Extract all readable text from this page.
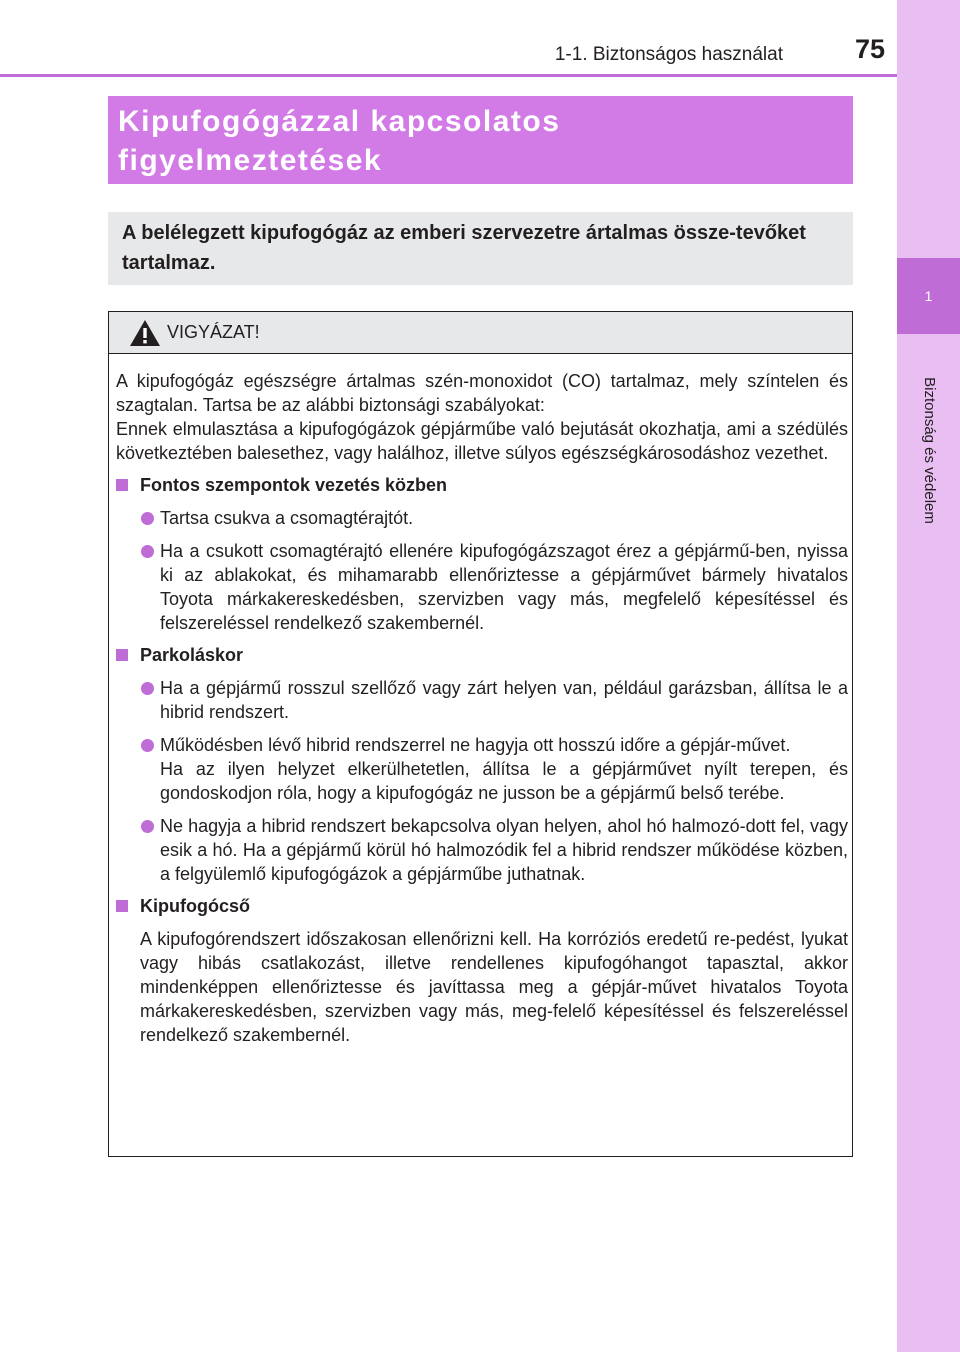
1
Biztonság és védelem
1-1. Biztonságos használat	75
Kipufogógázzal kapcsolatos
figyelmeztetések

A belélegzett kipufogógáz az emberi szervezetre ártalmas össze-tevőket tartalmaz.

VIGYÁZAT!

A kipufogógáz egészségre ártalmas szén-monoxidot (CO) tartalmaz, mely színtelen és szagtalan. Tartsa be az alábbi biztonsági szabályokat:

Ennek elmulasztása a kipufogógázok gépjárműbe való bejutását okozhatja, ami a szédülés következtében balesethez, vagy halálhoz, illetve súlyos egészségkárosodáshoz vezethet.

Fontos szempontok vezetés közben
Tartsa csukva a csomagtérajtót.
Ha a csukott csomagtérajtó ellenére kipufogógázszagot érez a gépjármű-ben, nyissa ki az ablakokat, és mihamarabb ellenőriztesse a gépjárművet bármely hivatalos Toyota márkakereskedésben, szervizben vagy más, megfelelő képesítéssel és felszereléssel rendelkező szakembernél.
Parkoláskor
Ha a gépjármű rosszul szellőző vagy zárt helyen van, például garázsban, állítsa le a hibrid rendszert.
Működésben lévő hibrid rendszerrel ne hagyja ott hosszú időre a gépjár-művet.
Ha az ilyen helyzet elkerülhetetlen, állítsa le a gépjárművet nyílt terepen, és gondoskodjon róla, hogy a kipufogógáz ne jusson be a gépjármű belső terébe.
Ne hagyja a hibrid rendszert bekapcsolva olyan helyen, ahol hó halmozó-dott fel, vagy esik a hó. Ha a gépjármű körül hó halmozódik fel a hibrid rendszer működése közben, a felgyülemlő kipufogógázok a gépjárműbe juthatnak.
Kipufogócső

A kipufogórendszert időszakosan ellenőrizni kell. Ha korróziós eredetű re-pedést, lyukat vagy hibás csatlakozást, illetve rendellenes kipufogóhangot tapasztal, akkor mindenképpen ellenőriztesse és javíttassa meg a gépjár-művet hivatalos Toyota márkakereskedésben, szervizben vagy más, meg-felelő képesítéssel és felszereléssel rendelkező szakembernél.
